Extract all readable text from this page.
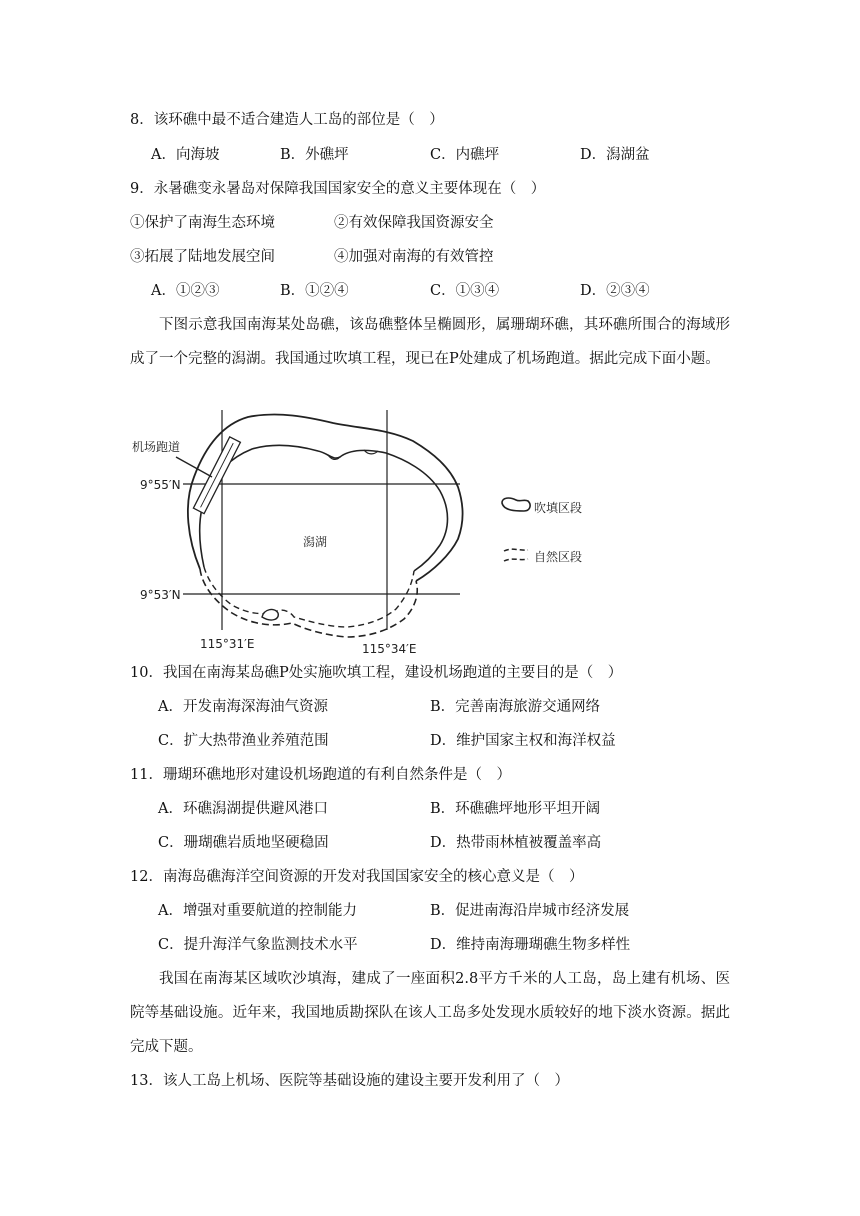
8．该环礁中最不适合建造人工岛的部位是（　）
A．向海坡	B．外礁坪	C．内礁坪	D．潟湖盆
9．永暑礁变永暑岛对保障我国国家安全的意义主要体现在（　）
①保护了南海生态环境	②有效保障我国资源安全
③拓展了陆地发展空间	④加强对南海的有效管控
A．①②③	B．①②④	C．①③④	D．②③④

下图示意我国南海某处岛礁，该岛礁整体呈椭圆形，属珊瑚环礁，其环礁所围合的海域形成了一个完整的潟湖。我国通过吹填工程，现已在P处建成了机场跑道。据此完成下面小题。

机场跑道
潟湖
9°55′N
9°53′N
115°31′E	115°34′E
吹填区段
自然区段
10．我国在南海某岛礁P处实施吹填工程，建设机场跑道的主要目的是（　）
A．开发南海深海油气资源	B．完善南海旅游交通网络
C．扩大热带渔业养殖范围	D．维护国家主权和海洋权益
11．珊瑚环礁地形对建设机场跑道的有利自然条件是（　）
A．环礁潟湖提供避风港口	B．环礁礁坪地形平坦开阔
C．珊瑚礁岩质地坚硬稳固	D．热带雨林植被覆盖率高
12．南海岛礁海洋空间资源的开发对我国国家安全的核心意义是（　）
A．增强对重要航道的控制能力	B．促进南海沿岸城市经济发展
C．提升海洋气象监测技术水平	D．维持南海珊瑚礁生物多样性

我国在南海某区域吹沙填海，建成了一座面积2.8平方千米的人工岛，岛上建有机场、医院等基础设施。近年来，我国地质勘探队在该人工岛多处发现水质较好的地下淡水资源。据此完成下题。

13．该人工岛上机场、医院等基础设施的建设主要开发利用了（　）
